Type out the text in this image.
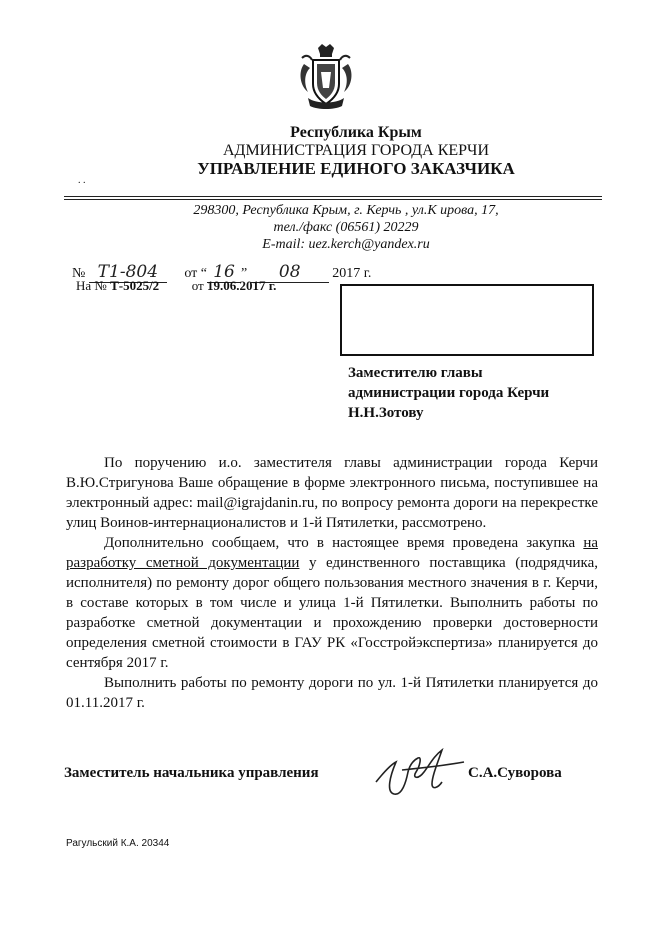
Республика Крым
АДМИНИСТРАЦИЯ ГОРОДА КЕРЧИ
УПРАВЛЕНИЕ ЕДИНОГО ЗАКАЗЧИКА
. .
298300, Республика Крым, г. Керчь , ул.К ирова, 17,
тел./факс (06561) 20229
E-mail: uez.kerch@yandex.ru
№ Т1-804 от “ 16 ” 08 2017 г.
На № Т-5025/2	от 19.06.2017 г.
Заместителю главы
администрации города Керчи
Н.Н.Зотову

По поручению и.о. заместителя главы администрации города Керчи В.Ю.Стригунова Ваше обращение в форме электронного письма, поступившее на электронный адрес: mail@igrajdanin.ru, по вопросу ремонта дороги на перекрестке улиц Воинов-интернационалистов и 1-й Пятилетки, рассмотрено.

Дополнительно сообщаем, что в настоящее время проведена закупка на разработку сметной документации у единственного поставщика (подрядчика, исполнителя) по ремонту дорог общего пользования местного значения в г. Керчи, в составе которых в том числе и улица 1-й Пятилетки. Выполнить работы по разработке сметной документации и прохождению проверки достоверности определения сметной стоимости в ГАУ РК «Госстройэкспертиза» планируется до сентября 2017 г.

Выполнить работы по ремонту дороги по ул. 1-й Пятилетки планируется до 01.11.2017 г.

Заместитель начальника управления	С.А.Суворова
Рагульский К.А. 20344
